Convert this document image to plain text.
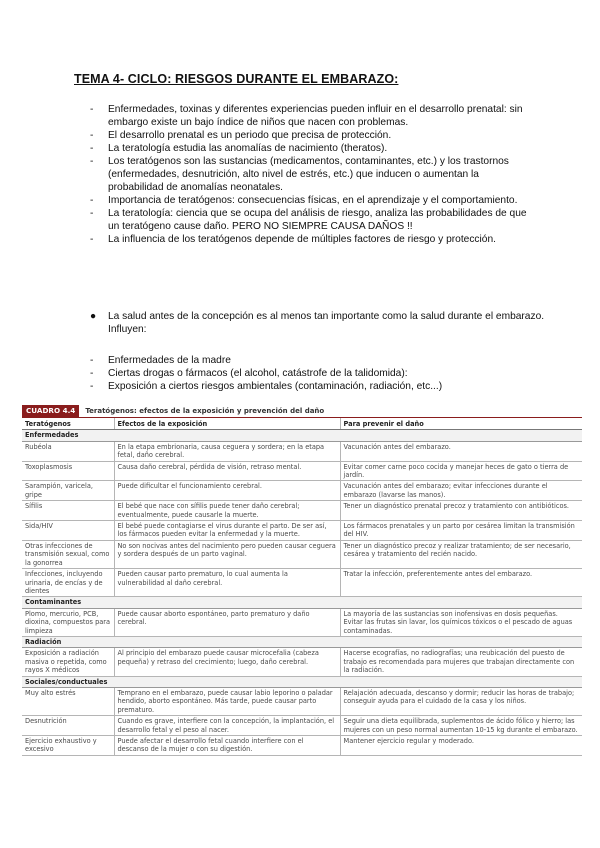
TEMA 4- CICLO: RIESGOS DURANTE EL EMBARAZO:
- Enfermedades, toxinas y diferentes experiencias pueden influir en el desarrollo prenatal: sin embargo existe un bajo índice de niños que nacen con problemas.
- El desarrollo prenatal es un periodo que precisa de protección.
- La teratología estudia las anomalías de nacimiento (theratos).
- Los teratógenos son las sustancias (medicamentos, contaminantes, etc.) y los trastornos (enfermedades, desnutrición, alto nivel de estrés, etc.) que inducen o aumentan la probabilidad de anomalías neonatales.
- Importancia de teratógenos: consecuencias físicas, en el aprendizaje y el comportamiento.
- La teratología: ciencia que se ocupa del análisis de riesgo, analiza las probabilidades de que un teratógeno cause daño. PERO NO SIEMPRE CAUSA DAÑOS !!
- La influencia de los teratógenos depende de múltiples factores de riesgo y protección.
● La salud antes de la concepción es al menos tan importante como la salud durante el embarazo. Influyen:
- Enfermedades de la madre
- Ciertas drogas o fármacos (el alcohol, catástrofe de la talidomida):
- Exposición a ciertos riesgos ambientales (contaminación, radiación, etc...)
CUADRO 4.4	Teratógenos: efectos de la exposición y prevención del daño
Teratógenos	Efectos de la exposición	Para prevenir el daño
Enfermedades		
Rubéola	En la etapa embrionaria, causa ceguera y sordera; en la etapa fetal, daño cerebral.	Vacunación antes del embarazo.
Toxoplasmosis	Causa daño cerebral, pérdida de visión, retraso mental.	Evitar comer carne poco cocida y manejar heces de gato o tierra de jardín.
Sarampión, varicela, gripe	Puede dificultar el funcionamiento cerebral.	Vacunación antes del embarazo; evitar infecciones durante el embarazo (lavarse las manos).
Sífilis	El bebé que nace con sífilis puede tener daño cerebral; eventualmente, puede causarle la muerte.	Tener un diagnóstico prenatal precoz y tratamiento con antibióticos.
Sida/HIV	El bebé puede contagiarse el virus durante el parto. De ser así, los fármacos pueden evitar la enfermedad y la muerte.	Los fármacos prenatales y un parto por cesárea limitan la transmisión del HIV.
Otras infecciones de transmisión sexual, como la gonorrea	No son nocivas antes del nacimiento pero pueden causar ceguera y sordera después de un parto vaginal.	Tener un diagnóstico precoz y realizar tratamiento; de ser necesario, cesárea y tratamiento del recién nacido.
Infecciones, incluyendo urinaria, de encías y de dientes	Pueden causar parto prematuro, lo cual aumenta la vulnerabilidad al daño cerebral.	Tratar la infección, preferentemente antes del embarazo.
Contaminantes		
Plomo, mercurio, PCB, dioxina, compuestos para limpieza	Puede causar aborto espontáneo, parto prematuro y daño cerebral.	La mayoría de las sustancias son inofensivas en dosis pequeñas. Evitar las frutas sin lavar, los químicos tóxicos o el pescado de aguas contaminadas.
Radiación		
Exposición a radiación masiva o repetida, como rayos X médicos	Al principio del embarazo puede causar microcefalia (cabeza pequeña) y retraso del crecimiento; luego, daño cerebral.	Hacerse ecografías, no radiografías; una reubicación del puesto de trabajo es recomendada para mujeres que trabajan directamente con la radiación.
Sociales/conductuales		
Muy alto estrés	Temprano en el embarazo, puede causar labio leporino o paladar hendido, aborto espontáneo. Más tarde, puede causar parto prematuro.	Relajación adecuada, descanso y dormir; reducir las horas de trabajo; conseguir ayuda para el cuidado de la casa y los niños.
Desnutrición	Cuando es grave, interfiere con la concepción, la implantación, el desarrollo fetal y el peso al nacer.	Seguir una dieta equilibrada, suplementos de ácido fólico y hierro; las mujeres con un peso normal aumentan 10-15 kg durante el embarazo.
Ejercicio exhaustivo y excesivo	Puede afectar el desarrollo fetal cuando interfiere con el descanso de la mujer o con su digestión.	Mantener ejercicio regular y moderado.
